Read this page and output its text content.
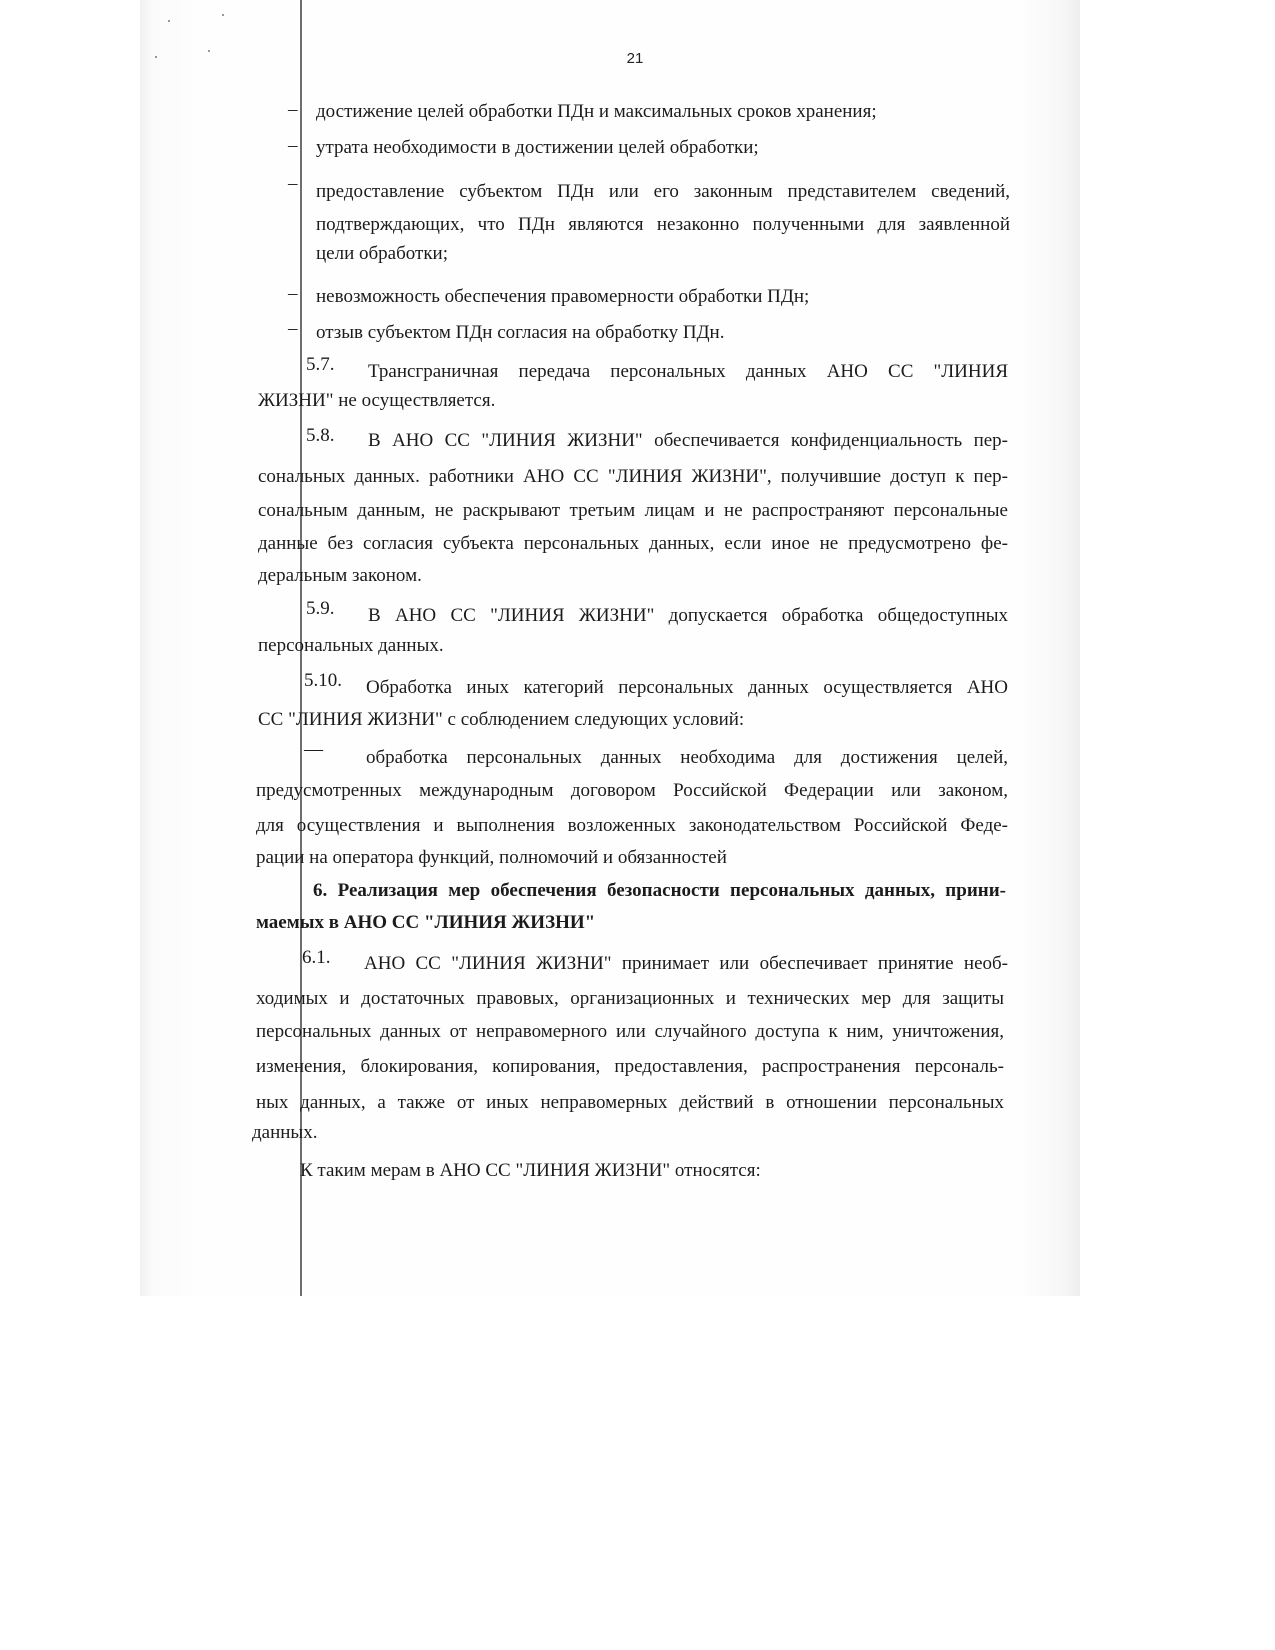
21
– достижение целей обработки ПДн и максимальных сроков хранения;
– утрата необходимости в достижении целей обработки;
– предоставление субъектом ПДн или его законным представителем сведений,
подтверждающих, что ПДн являются незаконно полученными для заявленной
цели обработки;
– невозможность обеспечения правомерности обработки ПДн;
– отзыв субъектом ПДн согласия на обработку ПДн.
5.7. Трансграничная передача персональных данных АНО СС "ЛИНИЯ
ЖИЗНИ" не осуществляется.
5.8. В АНО СС "ЛИНИЯ ЖИЗНИ" обеспечивается конфиденциальность пер-
сональных данных. работники АНО СС "ЛИНИЯ ЖИЗНИ", получившие доступ к пер-
сональным данным, не раскрывают третьим лицам и не распространяют персональные
данные без согласия субъекта персональных данных, если иное не предусмотрено фе-
деральным законом.
5.9. В АНО СС "ЛИНИЯ ЖИЗНИ" допускается обработка общедоступных
персональных данных.
5.10. Обработка иных категорий персональных данных осуществляется АНО
СС "ЛИНИЯ ЖИЗНИ" с соблюдением следующих условий:
— обработка персональных данных необходима для достижения целей,
предусмотренных международным договором Российской Федерации или законом,
для осуществления и выполнения возложенных законодательством Российской Феде-
рации на оператора функций, полномочий и обязанностей
6. Реализация мер обеспечения безопасности персональных данных, прини-
маемых в АНО СС "ЛИНИЯ ЖИЗНИ"
6.1. АНО СС "ЛИНИЯ ЖИЗНИ" принимает или обеспечивает принятие необ-
ходимых и достаточных правовых, организационных и технических мер для защиты
персональных данных от неправомерного или случайного доступа к ним, уничтожения,
изменения, блокирования, копирования, предоставления, распространения персональ-
ных данных, а также от иных неправомерных действий в отношении персональных
данных.
К таким мерам в АНО СС "ЛИНИЯ ЖИЗНИ" относятся:
